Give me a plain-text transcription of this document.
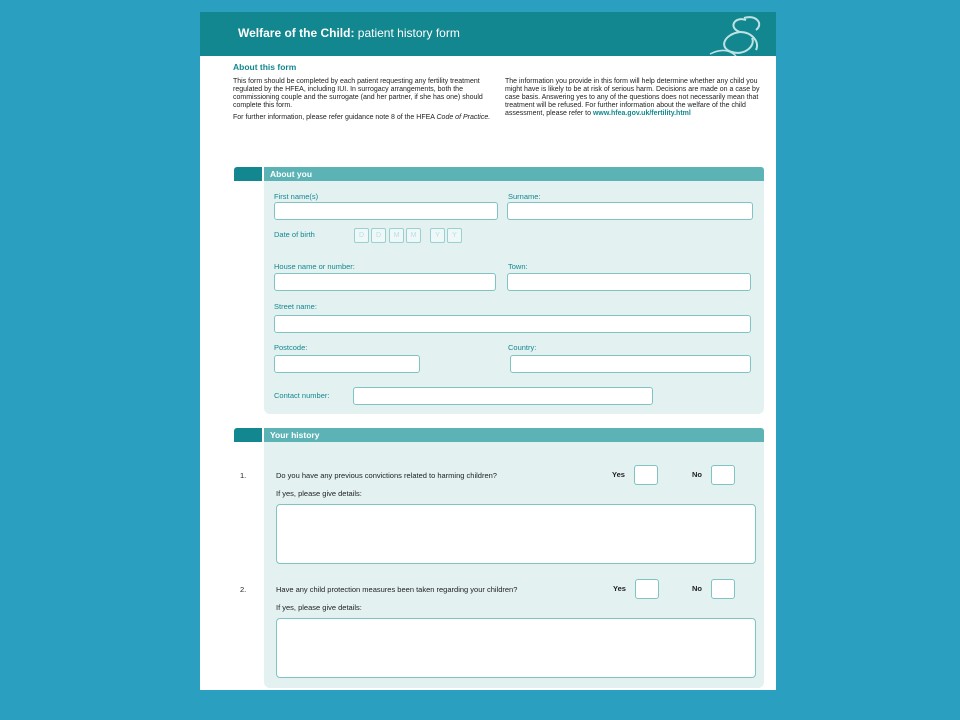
Welfare of the Child: patient history form
About this form

This form should be completed by each patient requesting any fertility treatment regulated by the HFEA, including IUI. In surrogacy arrangements, both the commissioning couple and the surrogate (and her partner, if she has one) should complete this form.

For further information, please refer guidance note 8 of the HFEA Code of Practice.

The information you provide in this form will help determine whether any child you might have is likely to be at risk of serious harm. Decisions are made on a case by case basis. Answering yes to any of the questions does not necessarily mean that treatment will be refused. For further information about the welfare of the child assessment, please refer to www.hfea.gov.uk/fertility.html

About you
First name(s)	Surname:
Date of birth	D	D	M	M	Y	Y
House name or number:	Town:
Street name:
Postcode:	Country:
Contact number:
Your history
1.	Do you have any previous convictions related to harming children?	Yes	No
If yes, please give details:
2.	Have any child protection measures been taken regarding your children?	Yes	No
If yes, please give details:
